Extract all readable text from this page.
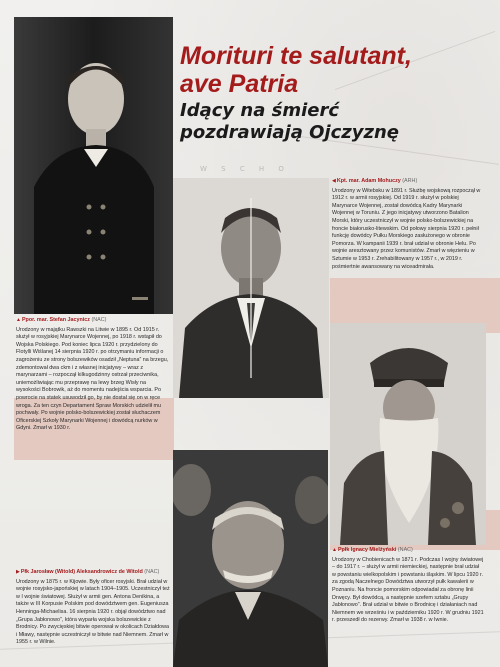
W S C H O
Morituri te salutant,
ave Patria
Idący na śmierć
pozdrawiają Ojczyznę
◀Kpt. mar. Adam Mohuczy (ARH)

Urodzony w Witebsku w 1891 r. Służbę wojskową rozpoczął w 1912 r. w armii rosyjskiej. Od 1919 r. służył w polskiej Marynarce Wojennej, został dowódcą Kadry Marynarki Wojennej w Toruniu. Z jego inicjatywy utworzono Batalion Morski, który uczestniczył w wojnie polsko-bolszewickiej na froncie białorusko-litewskim. Od połowy sierpnia 1920 r. pełnił funkcję dowódcy Pułku Morskiego zasłużonego w obronie Pomorza. W kampanii 1939 r. brał udział w obronie Helu. Po wojnie aresztowany przez komunistów. Zmarł w więzieniu w Sztumie w 1953 r. Zrehabilitowany w 1957 r., w 2019 r. pośmiertnie awansowany na wiceadmirała.

▲Ppor. mar. Stefan Jacynicz (NAC)

Urodzony w majątku Rawszki na Litwie w 1895 r. Od 1915 r. służył w rosyjskiej Marynarce Wojennej, po 1918 r. wstąpił do Wojska Polskiego. Pod koniec lipca 1920 r. przydzielony do Flotylli Wiślanej 14 sierpnia 1920 r. po otrzymaniu informacji o zagrożeniu ze strony bolszewików osadził „Neptuna” na brzegu, zdemontował dwa ckm i z własnej inicjatywy – wraz z marynarzami – rozpoczął kilkugodzinny ostrzał przeciwnika, uniemożliwiając mu przeprawę na lewy brzeg Wisły na wysokości Bobrowik, aż do momentu nadejścia wsparcia. Po powrocie na statek usuwodził go, by nie dostał się on w ręce wroga. Za ten czyn Departament Spraw Morskich udzielił mu pochwały. Po wojnie polsko-bolszewickiej został słuchaczem Oficerskiej Szkoły Marynarki Wojennej i dowódcą nurków w Gdyni. Zmarł w 1930 r.

▲Ppłk Ignacy Mielżyński (NAC)

Urodzony w Chobienicach w 1871 r. Podczas I wojny światowej – do 1917 r. – służył w armii niemieckiej, następnie brał udział w powstaniu wielkopolskim i powstaniu śląskim. W lipcu 1920 r. za zgodą Naczelnego Dowództwa utworzył pułk kawalerii w Poznaniu. Na froncie pomorskim odpowiadał za obronę linii Drwęcy. Był dowódcą, a następnie szefem sztabu „Grupy Jabłonowo”. Brał udział w bitwie o Brodnicę i działaniach nad Niemnem we wrześniu i w październiku 1920 r. W grudniu 1921 r. przeszedł do rezerwy. Zmarł w 1938 r. w Iwnie.

▶Płk Jarosław (Witold) Aleksandrowicz de Witold (NAC)

Urodzony w 1875 r. w Kijowie. Były oficer rosyjski. Brał udział w wojnie rosyjsko-japońskiej w latach 1904–1905. Uczestniczył też w I wojnie światowej. Służył w armii gen. Antona Denikina, a także w III Korpusie Polskim pod dowództwem gen. Eugeniusza Henninga-Michaelisa. 16 sierpnia 1920 r. objął dowództwo nad „Grupa Jabłonowo”, która wyparła wojska bolszewickie z Brodnicy. Po zwycięskiej bitwie operował w okolicach Działdowa i Mławy, następnie uczestniczył w bitwie nad Niemnem. Zmarł w 1955 r. w Wilnie.
